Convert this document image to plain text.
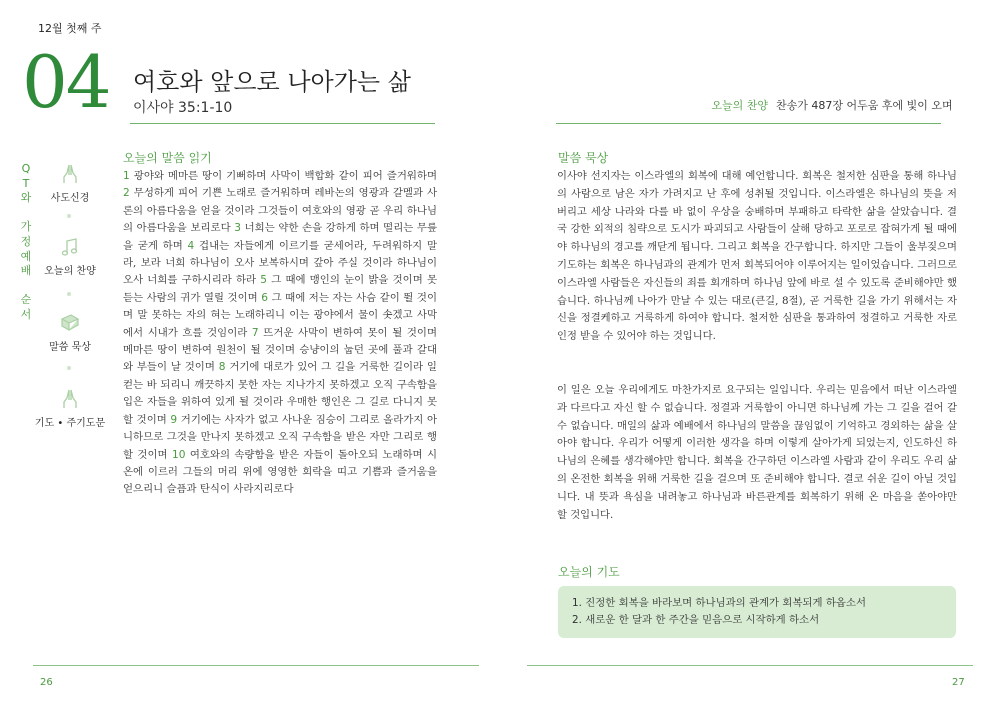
12월 첫째 주
04 여호와 앞으로 나아가는 삶
이사야 35:1-10	오늘의 찬양 찬송가 487장 어두움 후에 빛이 오며
Q
T
와

가
정
예
배

순
서
사도신경
오늘의 찬양
말씀 묵상
기도 • 주기도문
오늘의 말씀 읽기
1 광야와 메마른 땅이 기뻐하며 사막이 백합화 같이 피어 즐거워하며 2 무성하게 피어 기쁜 노래로 즐거워하며 레바논의 영광과 갈멜과 사론의 아름다움을 얻을 것이라 그것들이 여호와의 영광 곧 우리 하나님의 아름다움을 보리로다 3 너희는 약한 손을 강하게 하며 떨리는 무릎을 굳게 하며 4 겁내는 자들에게 이르기를 굳세어라, 두려워하지 말라, 보라 너희 하나님이 오사 보복하시며 갚아 주실 것이라 하나님이 오사 너희를 구하시리라 하라 5 그 때에 맹인의 눈이 밝을 것이며 못 듣는 사람의 귀가 열릴 것이며 6 그 때에 저는 자는 사슴 같이 뛸 것이며 말 못하는 자의 혀는 노래하리니 이는 광야에서 물이 솟겠고 사막에서 시내가 흐를 것임이라 7 뜨거운 사막이 변하여 못이 될 것이며 메마른 땅이 변하여 원천이 될 것이며 승냥이의 눕던 곳에 풀과 갈대와 부들이 날 것이며 8 거기에 대로가 있어 그 길을 거룩한 길이라 일컫는 바 되리니 깨끗하지 못한 자는 지나가지 못하겠고 오직 구속함을 입은 자들을 위하여 있게 될 것이라 우매한 행인은 그 길로 다니지 못할 것이며 9 거기에는 사자가 없고 사나운 짐승이 그리로 올라가지 아니하므로 그것을 만나지 못하겠고 오직 구속함을 받은 자만 그리로 행할 것이며 10 여호와의 속량함을 받은 자들이 돌아오되 노래하며 시온에 이르러 그들의 머리 위에 영영한 희락을 띠고 기쁨과 즐거움을 얻으리니 슬픔과 탄식이 사라지리로다
말씀 묵상

이사야 선지자는 이스라엘의 회복에 대해 예언합니다. 회복은 철저한 심판을 통해 하나님의 사람으로 남은 자가 가려지고 난 후에 성취될 것입니다. 이스라엘은 하나님의 뜻을 저버리고 세상 나라와 다를 바 없이 우상을 숭배하며 부패하고 타락한 삶을 살았습니다. 결국 강한 외적의 침략으로 도시가 파괴되고 사람들이 살해 당하고 포로로 잡혀가게 될 때에야 하나님의 경고를 깨닫게 됩니다. 그리고 회복을 간구합니다. 하지만 그들이 울부짖으며 기도하는 회복은 하나님과의 관계가 먼저 회복되어야 이루어지는 일이었습니다. 그러므로 이스라엘 사람들은 자신들의 죄를 회개하며 하나님 앞에 바로 설 수 있도록 준비해야만 했습니다. 하나님께 나아가 만날 수 있는 대로(큰길, 8절), 곧 거룩한 길을 가기 위해서는 자신을 정결케하고 거룩하게 하여야 합니다. 철저한 심판을 통과하여 정결하고 거룩한 자로 인정 받을 수 있어야 하는 것입니다.

이 일은 오늘 우리에게도 마찬가지로 요구되는 일입니다. 우리는 믿음에서 떠난 이스라엘과 다르다고 자신 할 수 없습니다. 정결과 거룩함이 아니면 하나님께 가는 그 길을 걸어 갈 수 없습니다. 매일의 삶과 예배에서 하나님의 말씀을 끊임없이 기억하고 경외하는 삶을 살아야 합니다. 우리가 어떻게 이러한 생각을 하며 이렇게 살아가게 되었는지, 인도하신 하나님의 은혜를 생각해야만 합니다. 회복을 간구하던 이스라엘 사람과 같이 우리도 우리 삶의 온전한 회복을 위해 거룩한 길을 걸으며 또 준비해야 합니다. 결코 쉬운 길이 아닐 것입니다. 내 뜻과 욕심을 내려놓고 하나님과 바른관계를 회복하기 위해 온 마음을 쏟아야만 할 것입니다.

오늘의 기도

1. 진정한 회복을 바라보며 하나님과의 관계가 회복되게 하옵소서

2. 새로운 한 달과 한 주간을 믿음으로 시작하게 하소서

26	27
